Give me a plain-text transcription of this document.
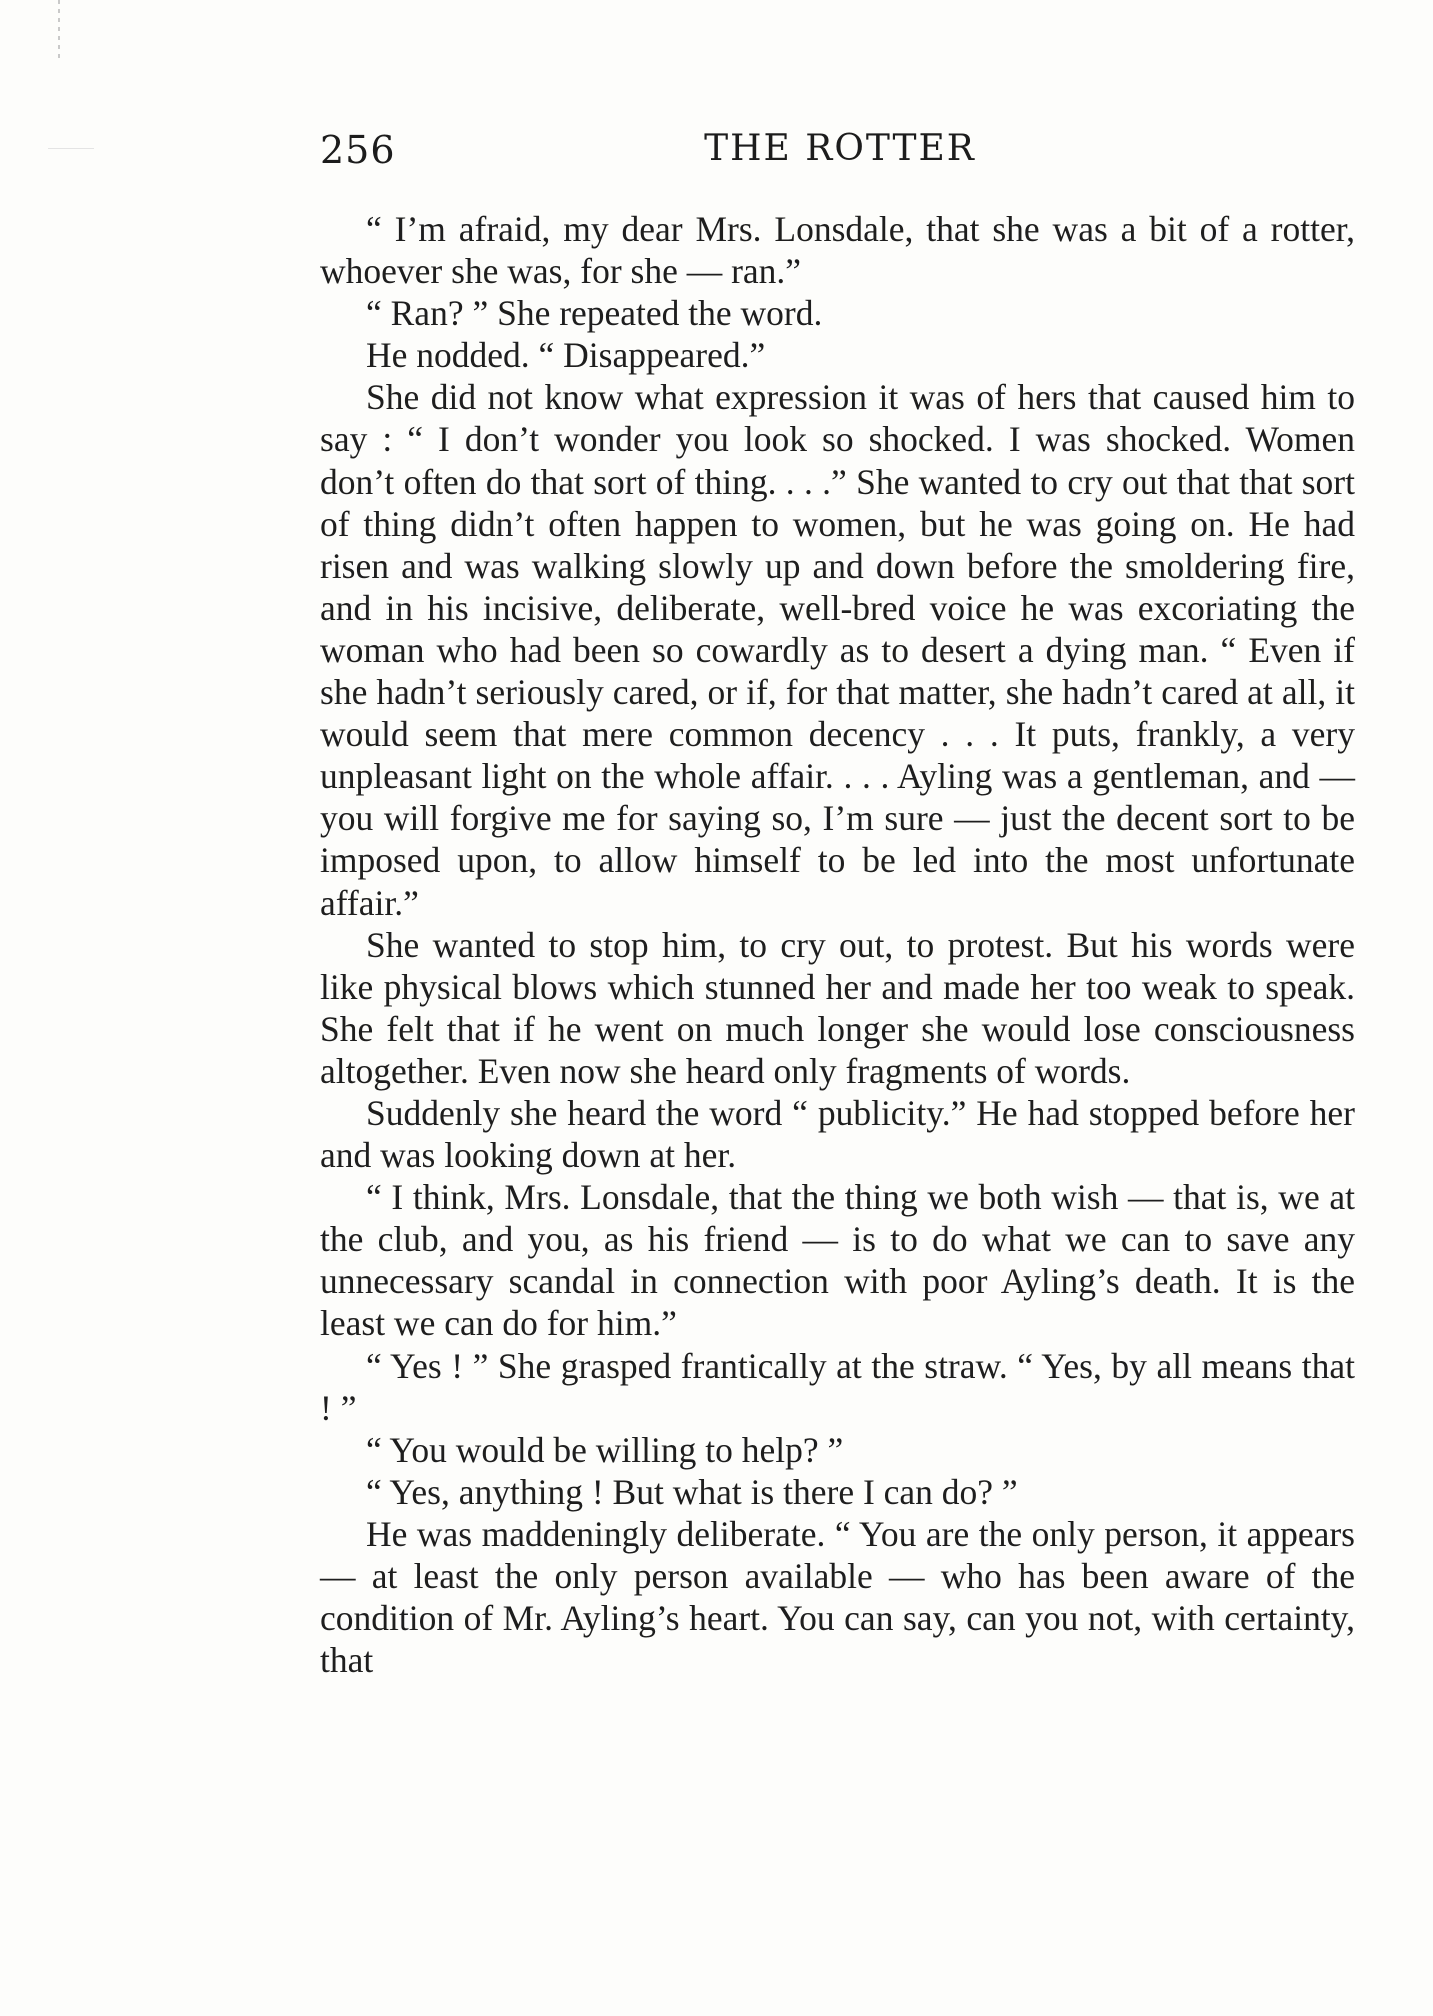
256	THE ROTTER

“ I’m afraid, my dear Mrs. Lonsdale, that she was a bit of a rotter, whoever she was, for she — ran.”

“ Ran? ” She repeated the word.

He nodded. “ Disappeared.”

She did not know what expression it was of hers that caused him to say : “ I don’t wonder you look so shocked. I was shocked. Women don’t often do that sort of thing. . . .” She wanted to cry out that that sort of thing didn’t often happen to women, but he was going on. He had risen and was walking slowly up and down before the smoldering fire, and in his incisive, deliberate, well-bred voice he was excoriating the woman who had been so cowardly as to desert a dying man. “ Even if she hadn’t seriously cared, or if, for that matter, she hadn’t cared at all, it would seem that mere common decency . . . It puts, frankly, a very unpleasant light on the whole affair. . . . Ayling was a gentleman, and — you will forgive me for saying so, I’m sure — just the decent sort to be imposed upon, to allow himself to be led into the most unfortunate affair.”

She wanted to stop him, to cry out, to protest. But his words were like physical blows which stunned her and made her too weak to speak. She felt that if he went on much longer she would lose consciousness altogether. Even now she heard only fragments of words.

Suddenly she heard the word “ publicity.” He had stopped before her and was looking down at her.

“ I think, Mrs. Lonsdale, that the thing we both wish — that is, we at the club, and you, as his friend — is to do what we can to save any unnecessary scandal in connection with poor Ayling’s death. It is the least we can do for him.”

“ Yes ! ” She grasped frantically at the straw. “ Yes, by all means that ! ”

“ You would be willing to help? ”

“ Yes, anything ! But what is there I can do? ”

He was maddeningly deliberate. “ You are the only person, it appears — at least the only person available — who has been aware of the condition of Mr. Ayling’s heart. You can say, can you not, with certainty, that
